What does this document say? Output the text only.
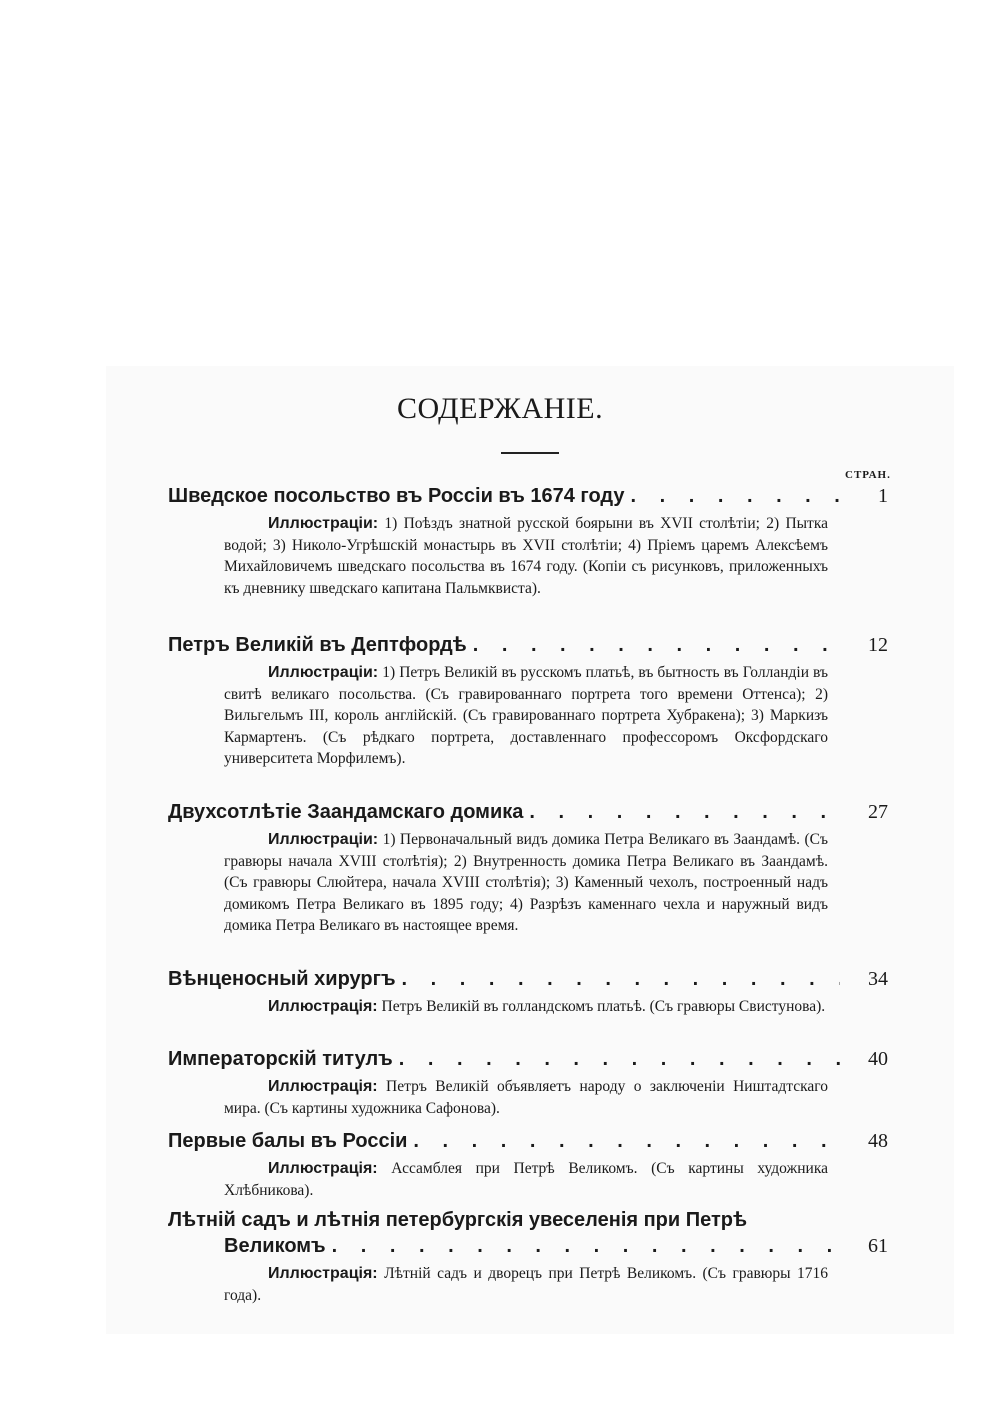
СОДЕРЖАНІЕ.
СТРАН.
Шведское посольство въ Россіи въ 1674 году . . .	1
Иллюстраціи: 1) Поѣздъ знатной русской боярыни въ XVII столѣтіи; 2) Пытка водой; 3) Николо-Угрѣшскій монастырь въ XVII столѣтіи; 4) Пріемъ царемъ Алексѣемъ Михайловичемъ шведскаго посольства въ 1674 году. (Копіи съ рисунковъ, приложенныхъ къ дневнику шведскаго капитана Пальмквиста).
Петръ Великій въ Дептфордѣ . . .	12
Иллюстраціи: 1) Петръ Великій въ русскомъ платьѣ, въ бытность въ Голландіи въ свитѣ великаго посольства. (Съ гравированнаго портрета того времени Оттенса); 2) Вильгельмъ III, король англійскій. (Съ гравированнаго портрета Хубракена); 3) Маркизъ Кармартенъ. (Съ рѣдкаго портрета, доставленнаго профессоромъ Оксфордскаго университета Морфилемъ).
Двухсотлѣтіе Заандамскаго домика . . .	27
Иллюстраціи: 1) Первоначальный видъ домика Петра Великаго въ Заандамѣ. (Съ гравюры начала XVIII столѣтія); 2) Внутренность домика Петра Великаго въ Заандамѣ. (Съ гравюры Слюйтера, начала XVIII столѣтія); 3) Каменный чехолъ, построенный надъ домикомъ Петра Великаго въ 1895 году; 4) Разрѣзъ каменнаго чехла и наружный видъ домика Петра Великаго въ настоящее время.
Вѣнценосный хирургъ . . .	34
Иллюстрація: Петръ Великій въ голландскомъ платьѣ. (Съ гравюры Свистунова).
Императорскій титулъ . . .	40
Иллюстрація: Петръ Великій объявляетъ народу о заключеніи Ништадтскаго мира. (Съ картины художника Сафонова).
Первые балы въ Россіи . . .	48
Иллюстрація: Ассамблея при Петрѣ Великомъ. (Съ картины художника Хлѣбникова).
Лѣтній садъ и лѣтнія петербургскія увеселенія при Петрѣ
Великомъ . . .	61
Иллюстрація: Лѣтній садъ и дворецъ при Петрѣ Великомъ. (Съ гравюры 1716 года).
